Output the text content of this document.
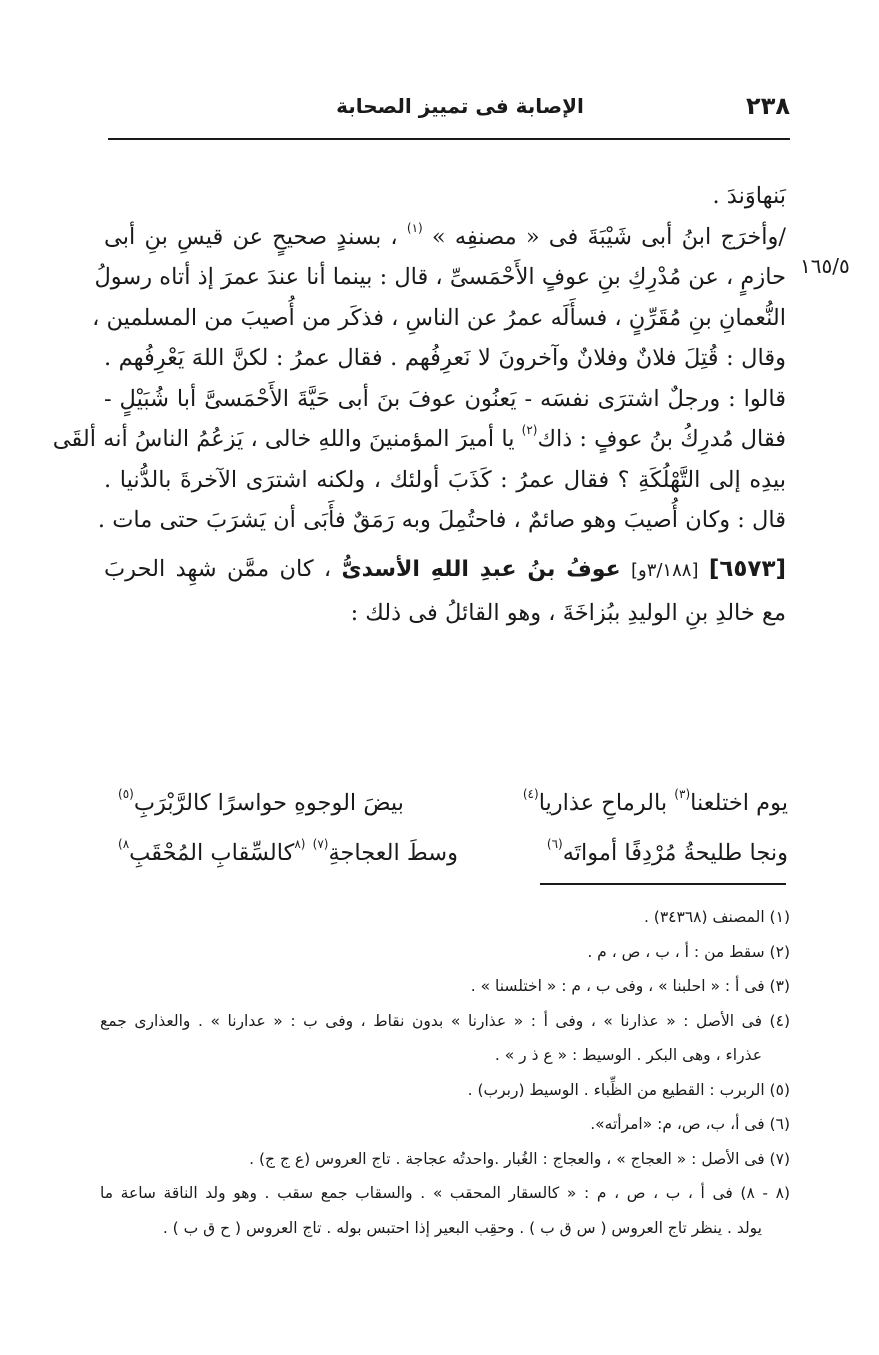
٢٣٨
الإصابة فى تمييز الصحابة
١٦٥/٥
بَنهاوَندَ .
/وأخرَج ابنُ أبى شَيْبَةَ فى « مصنفِه » $^{(١)}$ ، بسندٍ صحيحٍ عن قيسِ بنِ أبى
حازمٍ ، عن مُدْرِكِ بنِ عوفٍ الأَحْمَسىِّ ، قال : بينما أنا عندَ عمرَ إذ أتاه رسولُ
النُّعمانِ بنِ مُقَرِّنٍ ، فسأَلَه عمرُ عن الناسِ ، فذكَر من أُصيبَ من المسلمين ،
وقال : قُتِلَ فلانٌ وفلانٌ وآخرونَ لا نَعرِفُهم . فقال عمرُ : لكنَّ اللهَ يَعْرِفُهم .
قالوا : ورجلٌ اشترَى نفسَه - يَعنُون عوفَ بنَ أبى حَيَّةَ الأَحْمَسىَّ أبا شُبَيْلٍ -
فقال مُدرِكُ بنُ عوفٍ : ذاك$^{(٢)}$ يا أميرَ المؤمنينَ واللهِ خالى ، يَزعُمُ الناسُ أنه ألقَى
بيدِه إلى التَّهْلُكَةِ ؟ فقال عمرُ : كَذَبَ أولئك ، ولكنه اشترَى الآخرةَ بالدُّنيا .
قال : وكان أُصيبَ وهو صائمٌ ، فاحتُمِلَ وبه رَمَقٌ فأَبَى أن يَشرَبَ حتى مات .
[٦٥٧٣] [٣/١٨٨و] عوفُ بنُ عبدِ اللهِ الأسدىُّ ، كان ممَّن شهِد الحربَ
مع خالدِ بنِ الوليدِ ببُزاخَةَ ، وهو القائلُ فى ذلك :
يوم اختلعنا$^{(٣)}$ بالرماحِ عذاريا$^{(٤)}$
بيضَ الوجوهِ حواسرًا كالرَّبْرَبِ$^{(٥)}$
ونجا طليحةُ مُرْدِفًا أمواتَه$^{(٦)}$
وسطَ العجاجةِ$^{(٧)}$ $^{(٨}$كالسِّقابِ المُحْقَبِ$^{٨)}$
(١) المصنف (٣٤٣٦٨) .
(٢) سقط من : أ ، ب ، ص ، م .
(٣) فى أ : « احلبنا » ، وفى ب ، م : « اختلسنا » .
(٤) فى الأصل : « عذارنا » ، وفى أ : « عذارنا » بدون نقاط ، وفى ب : « عدارنا » . والعذارى جمع
عذراء ، وهى البكر . الوسيط : « ع ذ ر » .
(٥) الربرب : القطيع من الظِّباء . الوسيط (ربرب) .
(٦) فى أ، ب، ص، م: «امرأته».
(٧) فى الأصل : « العجاج » ، والعجاج : الغُبار .واحدتُه عجاجة . تاج العروس (ع ج ج) .
(٨ - ٨) فى أ ، ب ، ص ، م : « كالسقار المحقب » . والسقاب جمع سقب . وهو ولد الناقة ساعة ما
يولد . ينظر تاج العروس ( س ق ب ) . وحقِب البعير إذا احتبس بوله . تاج العروس ( ح ق ب ) .
